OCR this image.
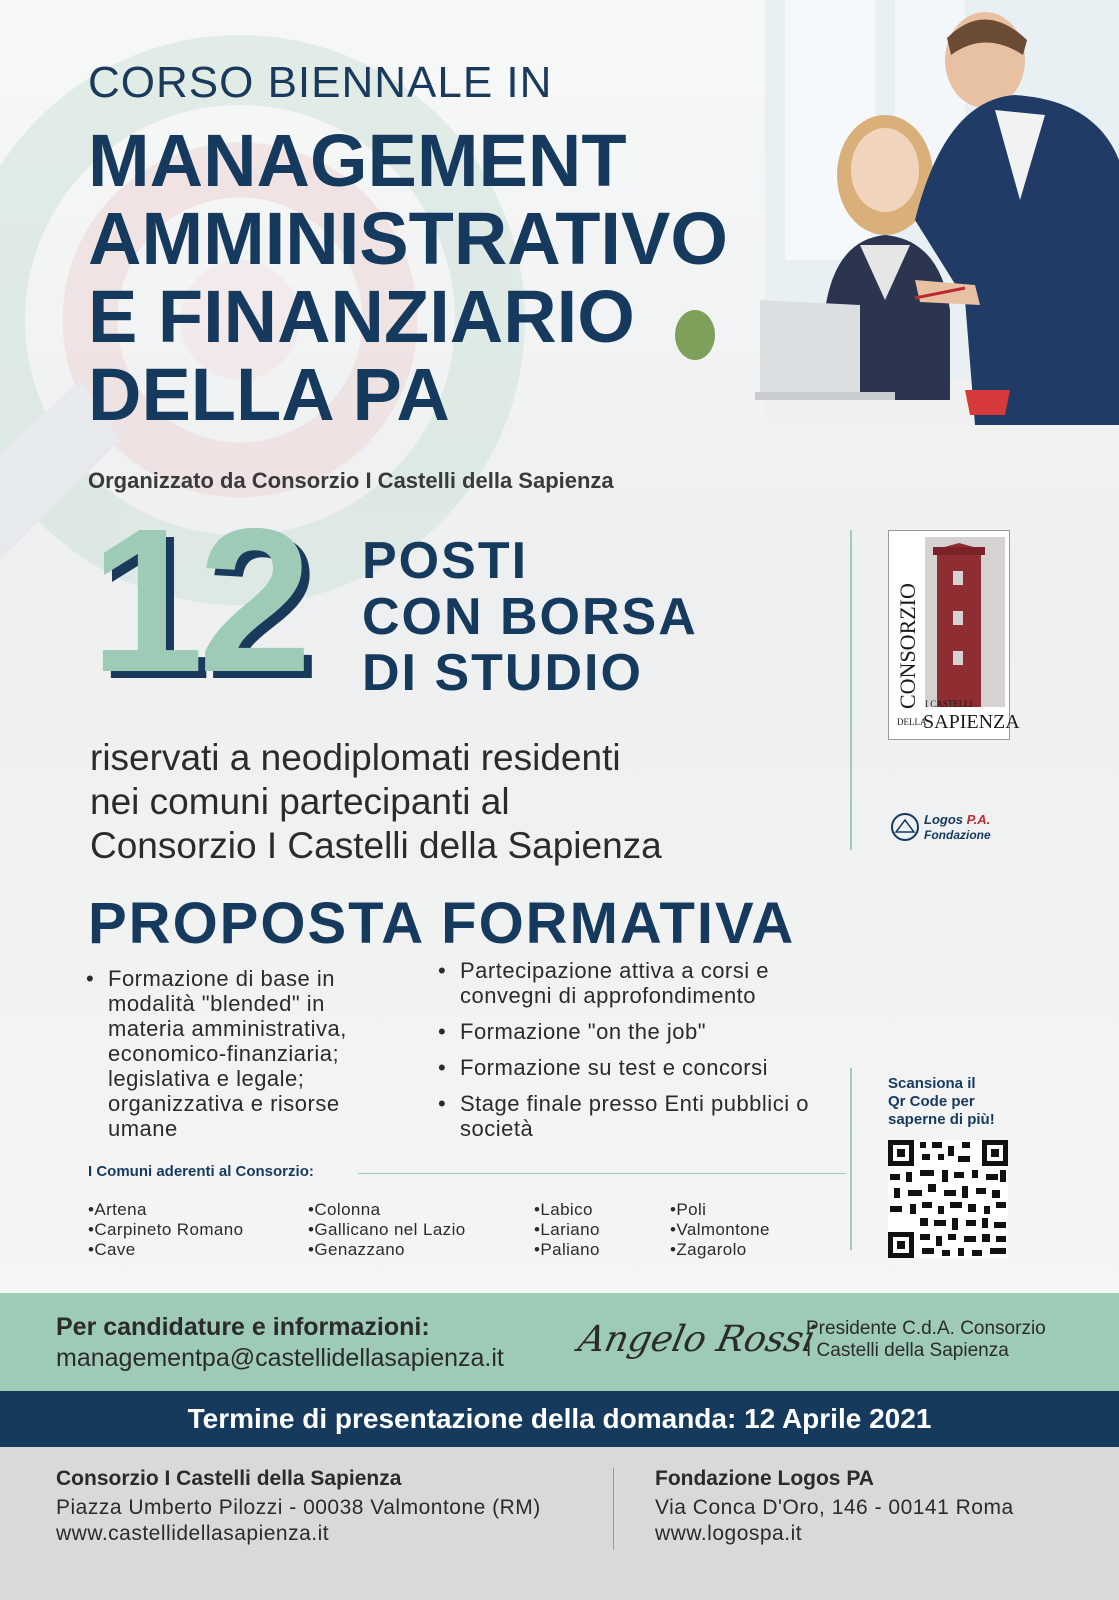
CORSO BIENNALE IN
MANAGEMENT
AMMINISTRATIVO
E FINANZIARIO
DELLA PA
Organizzato da Consorzio I Castelli della Sapienza
12 POSTI
CON BORSA
DI STUDIO
riservati a neodiplomati residenti
nei comuni partecipanti al
Consorzio I Castelli della Sapienza
CONSORZIO I CASTELLI
DELLA
SAPIENZA
Logos P.A.
Fondazione
PROPOSTA FORMATIVA
• Formazione di base in modalità "blended" in materia amministrativa, economico-finanziaria; legislativa e legale; organizzativa e risorse umane
• Partecipazione attiva a corsi e convegni di approfondimento
• Formazione "on the job"
• Formazione su test e concorsi
• Stage finale presso Enti pubblici o società
I Comuni aderenti al Consorzio:
• Artena
• Carpineto Romano
• Cave
• Colonna
• Gallicano nel Lazio
• Genazzano
• Labico
• Lariano
• Paliano
• Poli
• Valmontone
• Zagarolo
Scansiona il
Qr Code per
saperne di più!
Per candidature e informazioni:
managementpa@castellidellasapienza.it Angelo Rossi
Presidente C.d.A. Consorzio
I Castelli della Sapienza
Termine di presentazione della domanda: 12 Aprile 2021
Consorzio I Castelli della Sapienza
Piazza Umberto Pilozzi - 00038 Valmontone (RM)
www.castellidellasapienza.it
Fondazione Logos PA
Via Conca D'Oro, 146 - 00141 Roma
www.logospa.it
